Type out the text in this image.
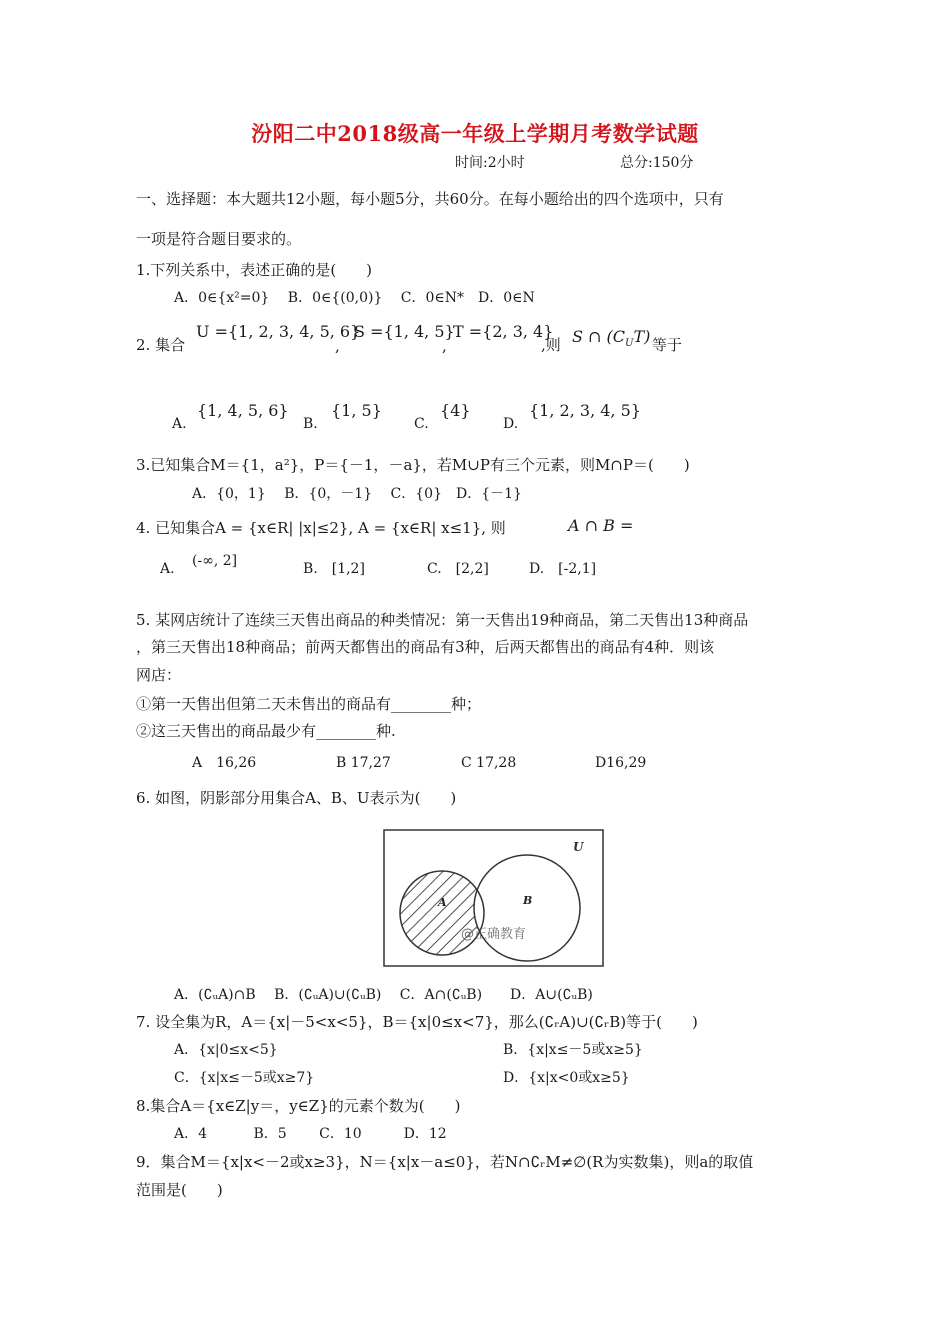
汾阳二中2018级高一年级上学期月考数学试题
时间:2小时	总分:150分
一、选择题：本大题共12小题，每小题5分，共60分。在每小题给出的四个选项中，只有
一项是符合题目要求的。
1.下列关系中，表述正确的是(　　)
A．0∈{x²=0}　 B．0∈{(0,0)}　 C．0∈N*　D．0∈N
2. 集合
U ={1, 2, 3, 4, 5, 6}
,
S ={1, 4, 5}
,
T ={2, 3, 4}
,则 S ∩ $(C_UT)$ 等于
A.
{1, 4, 5, 6}
B.
{1, 5}
C.
{4}
D.
{1, 2, 3, 4, 5}
3.已知集合M＝{1，a²}，P＝{－1，－a}，若M∪P有三个元素，则M∩P＝(　　)
A．{0，1}　 B．{0，－1}　 C．{0}　D．{－1}
4. 已知集合A = {x∈R| |x|≤2}, A = {x∈R| x≤1}, 则	A ∩ B =
A. (-∞, 2]	B.　[1,2]	C.　[2,2]	D.　[-2,1]
5. 某网店统计了连续三天售出商品的种类情况：第一天售出19种商品，第二天售出13种商品
，第三天售出18种商品；前两天都售出的商品有3种，后两天都售出的商品有4种．则该
网店：
①第一天售出但第二天未售出的商品有________种；
②这三天售出的商品最少有________种.
A　16,26	B 17,27	C 17,28	D16,29
6. 如图，阴影部分用集合A、B、U表示为(　　)
U
A	B
@正确教育
A．(∁ᵤA)∩B　 B．(∁ᵤA)∪(∁ᵤB)　 C．A∩(∁ᵤB)　　D．A∪(∁ᵤB)
7. 设全集为R，A＝{x|－5<x<5}，B＝{x|0≤x<7}，那么(∁ᵣA)∪(∁ᵣB)等于(　　)
A．{x|0≤x<5}	B．{x|x≤－5或x≥5}
C．{x|x≤－5或x≥7}	D．{x|x<0或x≥5}
8.集合A＝{x∈Z|y＝，y∈Z}的元素个数为(　　)
A．4　　　 B．5　　 C．10　　　D．12
9．集合M＝{x|x<－2或x≥3}，N＝{x|x－a≤0}，若N∩∁ᵣM≠∅(R为实数集)，则a的取值
范围是(　　)
